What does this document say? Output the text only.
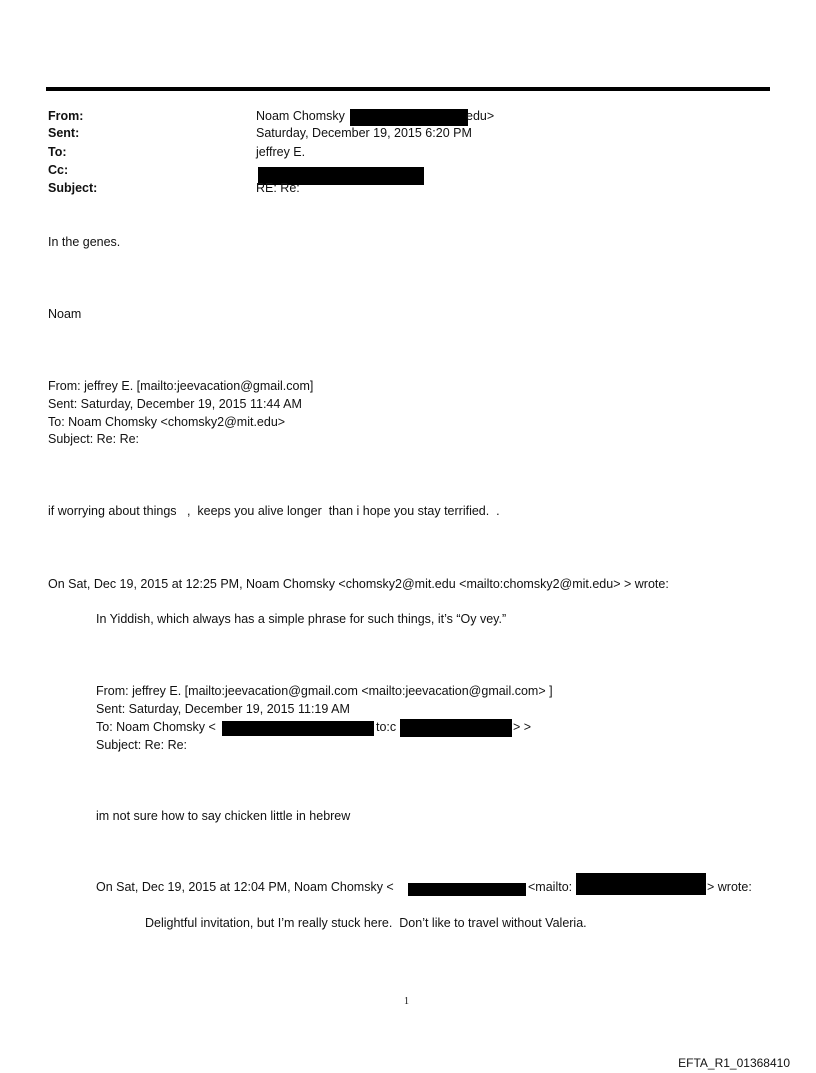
From:	Noam Chomsky	edu>
Sent:	Saturday, December 19, 2015 6:20 PM
To:	jeffrey E.
Cc:
Subject:	RE: Re:
In the genes.
Noam
From: jeffrey E. [mailto:jeevacation@gmail.com]
Sent: Saturday, December 19, 2015 11:44 AM
To: Noam Chomsky <chomsky2@mit.edu>
Subject: Re: Re:
if worrying about things   ,  keeps you alive longer  than i hope you stay terrified.  .
On Sat, Dec 19, 2015 at 12:25 PM, Noam Chomsky <chomsky2@mit.edu <mailto:chomsky2@mit.edu> > wrote:
In Yiddish, which always has a simple phrase for such things, it’s “Oy vey.”
From: jeffrey E. [mailto:jeevacation@gmail.com <mailto:jeevacation@gmail.com> ]
Sent: Saturday, December 19, 2015 11:19 AM
To: Noam Chomsky <	to:c	> >
Subject: Re: Re:
im not sure how to say chicken little in hebrew
On Sat, Dec 19, 2015 at 12:04 PM, Noam Chomsky <	<mailto:	> wrote:
Delightful invitation, but I’m really stuck here.  Don’t like to travel without Valeria.
1
EFTA_R1_01368410
